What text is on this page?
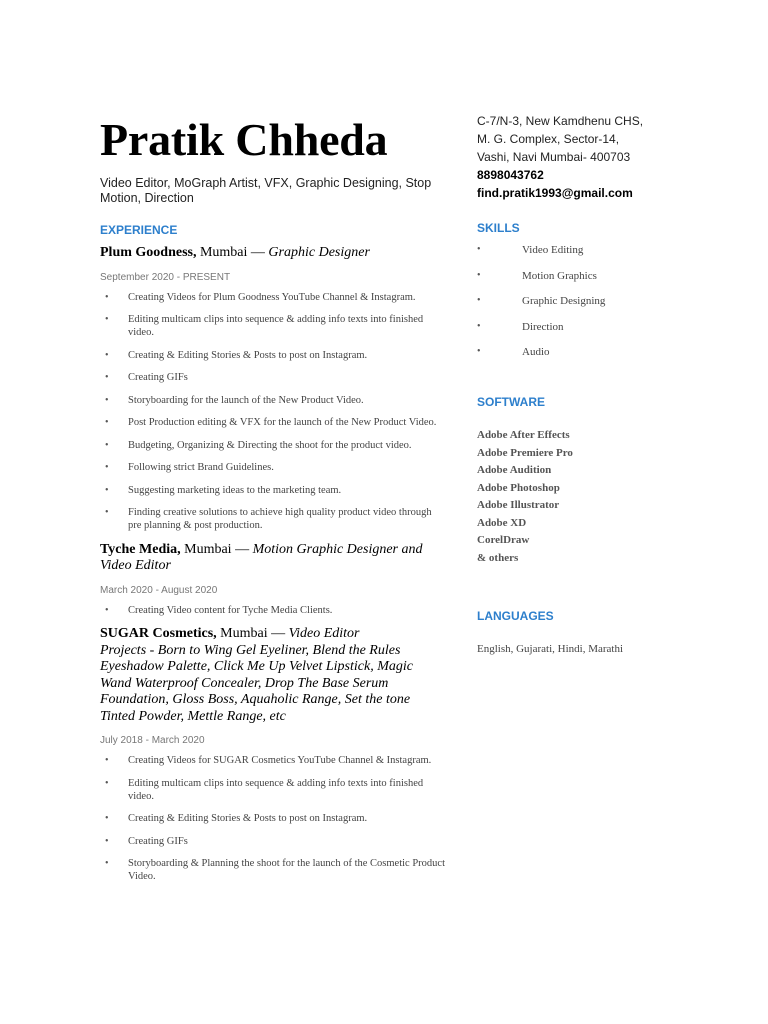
Pratik Chheda
Video Editor, MoGraph Artist, VFX, Graphic Designing, Stop Motion, Direction
EXPERIENCE
Plum Goodness, Mumbai — Graphic Designer
September 2020 - PRESENT
• Creating Videos for Plum Goodness YouTube Channel & Instagram.
• Editing multicam clips into sequence & adding info texts into finished video.
• Creating & Editing Stories & Posts to post on Instagram.
• Creating GIFs
• Storyboarding for the launch of the New Product Video.
• Post Production editing & VFX for the launch of the New Product Video.
• Budgeting, Organizing & Directing the shoot for the product video.
• Following strict Brand Guidelines.
• Suggesting marketing ideas to the marketing team.
• Finding creative solutions to achieve high quality product video through pre planning & post production.
Tyche Media, Mumbai — Motion Graphic Designer and Video Editor
March 2020 - August 2020
• Creating Video content for Tyche Media Clients.
SUGAR Cosmetics, Mumbai — Video Editor
Projects - Born to Wing Gel Eyeliner, Blend the Rules Eyeshadow Palette, Click Me Up Velvet Lipstick, Magic Wand Waterproof Concealer, Drop The Base Serum Foundation, Gloss Boss, Aquaholic Range, Set the tone Tinted Powder, Mettle Range, etc
July 2018 - March 2020
• Creating Videos for SUGAR Cosmetics YouTube Channel & Instagram.
• Editing multicam clips into sequence & adding info texts into finished video.
• Creating & Editing Stories & Posts to post on Instagram.
• Creating GIFs
• Storyboarding & Planning the shoot for the launch of the Cosmetic Product Video.
C-7/N-3, New Kamdhenu CHS,
M. G. Complex, Sector-14,
Vashi, Navi Mumbai- 400703
8898043762
find.pratik1993@gmail.com
SKILLS
• Video Editing
• Motion Graphics
• Graphic Designing
• Direction
• Audio
SOFTWARE
Adobe After Effects
Adobe Premiere Pro
Adobe Audition
Adobe Photoshop
Adobe Illustrator
Adobe XD
CorelDraw
& others
LANGUAGES
English, Gujarati, Hindi, Marathi
